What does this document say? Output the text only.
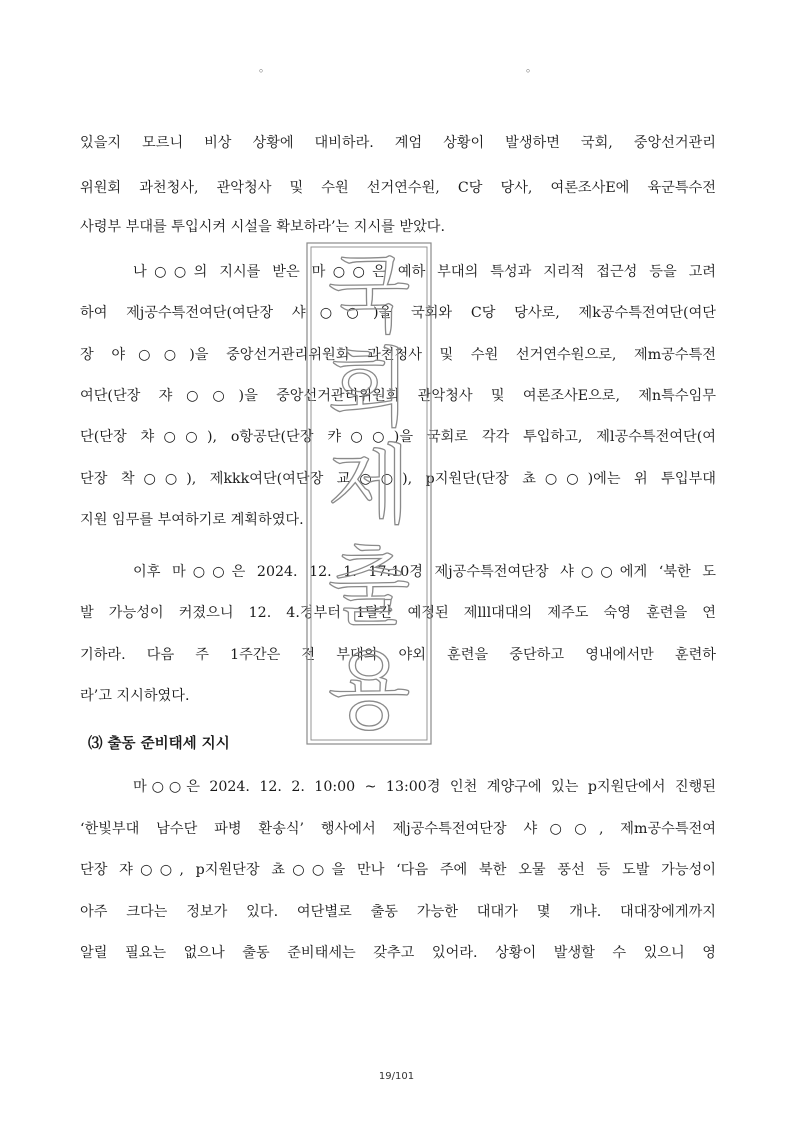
。	。
있을지 모르니 비상 상황에 대비하라. 계엄 상황이 발생하면 국회, 중앙선거관리
위원회 과천청사, 관악청사 및 수원 선거연수원, C당 당사, 여론조사E에 육군특수전
사령부 부대를 투입시켜 시설을 확보하라’는 지시를 받았다.
나○○의 지시를 받은 마○○은 예하 부대의 특성과 지리적 접근성 등을 고려
하여 제j공수특전여단(여단장 샤○○)을 국회와 C당 당사로, 제k공수특전여단(여단
장 야○○)을 중앙선거관리위원회 과천청사 및 수원 선거연수원으로, 제m공수특전
여단(단장 쟈○○)을 중앙선거관리위원회 관악청사 및 여론조사E으로, 제n특수임무
단(단장 챠○○), o항공단(단장 캬○○)을 국회로 각각 투입하고, 제l공수특전여단(여
단장 착○○), 제kkk여단(여단장 교○○), p지원단(단장 쵸○○)에는 위 투입부대
지원 임무를 부여하기로 계획하였다.
이후 마○○은 2024. 12. 1. 17:10경 제j공수특전여단장 샤○○에게 ‘북한 도
발 가능성이 커졌으니 12. 4.경부터 1달간 예정된 제lll대대의 제주도 숙영 훈련을 연
기하라. 다음 주 1주간은 전 부대의 야외 훈련을 중단하고 영내에서만 훈련하
라’고 지시하였다.
⑶ 출동 준비태세 지시
마○○은 2024. 12. 2. 10:00 ~ 13:00경 인천 계양구에 있는 p지원단에서 진행된
‘한빛부대 남수단 파병 환송식’ 행사에서 제j공수특전여단장 샤○○, 제m공수특전여
단장 쟈○○, p지원단장 쵸○○을 만나 ‘다음 주에 북한 오물 풍선 등 도발 가능성이
아주 크다는 정보가 있다. 여단별로 출동 가능한 대대가 몇 개냐. 대대장에게까지
알릴 필요는 없으나 출동 준비태세는 갖추고 있어라. 상황이 발생할 수 있으니 영
국
회
제
출
용
19/101
